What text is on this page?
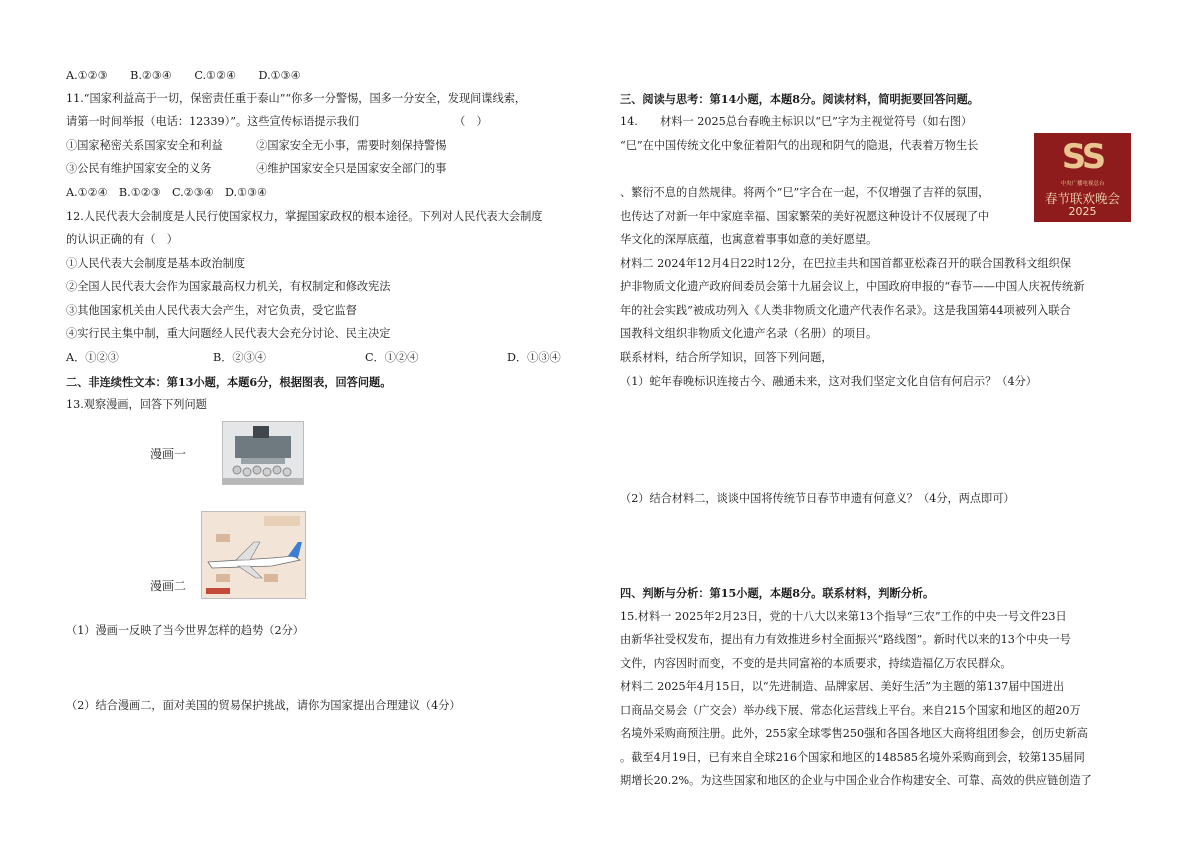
A.①②③　　B.②③④　　C.①②④　　D.①③④
11.“国家利益高于一切，保密责任重于泰山”“你多一分警惕，国多一分安全，发现间谍线索，
请第一时间举报（电话：12339）”。这些宣传标语提示我们　　　　　　　　　（　）
①国家秘密关系国家安全和利益　　　②国家安全无小事，需要时刻保持警惕
③公民有维护国家安全的义务　　　　④维护国家安全只是国家安全部门的事
A.①②④　B.①②③　C.②③④　D.①③④
12.人民代表大会制度是人民行使国家权力，掌握国家政权的根本途径。下列对人民代表大会制度
的认识正确的有（　）
①人民代表大会制度是基本政治制度
②全国人民代表大会作为国家最高权力机关，有权制定和修改宪法
③其他国家机关由人民代表大会产生，对它负责，受它监督
④实行民主集中制，重大问题经人民代表大会充分讨论、民主决定
A．①②③	B．②③④	C．①②④	D．①③④
二、非连续性文本：第13小题，本题6分，根据图表，回答问题。
13.观察漫画，回答下列问题
漫画一
漫画二
（1）漫画一反映了当今世界怎样的趋势（2分）
（2）结合漫画二，面对美国的贸易保护挑战，请你为国家提出合理建议（4分）
三、阅读与思考：第14小题，本题8分。阅读材料，简明扼要回答问题。
14.　　材料一 2025总台春晚主标识以“巳”字为主视觉符号（如右图）
“巳”在中国传统文化中象征着阳气的出现和阴气的隐退，代表着万物生长
、繁衍不息的自然规律。将两个“巳”字合在一起，不仅增强了吉祥的氛围，
也传达了对新一年中家庭幸福、国家繁荣的美好祝愿这种设计不仅展现了中
华文化的深厚底蕴，也寓意着事事如意的美好愿望。
材料二 2024年12月4日22时12分，在巴拉圭共和国首都亚松森召开的联合国教科文组织保
护非物质文化遗产政府间委员会第十九届会议上，中国政府申报的“春节——中国人庆祝传统新
年的社会实践”被成功列入《人类非物质文化遗产代表作名录》。这是我国第44项被列入联合
国教科文组织非物质文化遗产名录（名册）的项目。
联系材料，结合所学知识，回答下列问题，
（1）蛇年春晚标识连接古今、融通未来，这对我们坚定文化自信有何启示？（4分）
（2）结合材料二，谈谈中国将传统节日春节申遗有何意义？（4分，两点即可）
SS
中央广播电视总台
春节联欢晚会
2025
四、判断与分析：第15小题，本题8分。联系材料，判断分析。
15.材料一 2025年2月23日，党的十八大以来第13个指导“三农”工作的中央一号文件23日
由新华社受权发布，提出有力有效推进乡村全面振兴“路线图”。新时代以来的13个中央一号
文件，内容因时而变，不变的是共同富裕的本质要求，持续造福亿万农民群众。
材料二 2025年4月15日，以“先进制造、品牌家居、美好生活”为主题的第137届中国进出
口商品交易会（广交会）举办线下展、常态化运营线上平台。来自215个国家和地区的超20万
名境外采购商预注册。此外，255家全球零售250强和各国各地区大商将组团参会，创历史新高
。截至4月19日，已有来自全球216个国家和地区的148585名境外采购商到会，较第135届同
期增长20.2%。为这些国家和地区的企业与中国企业合作构建安全、可靠、高效的供应链创造了
